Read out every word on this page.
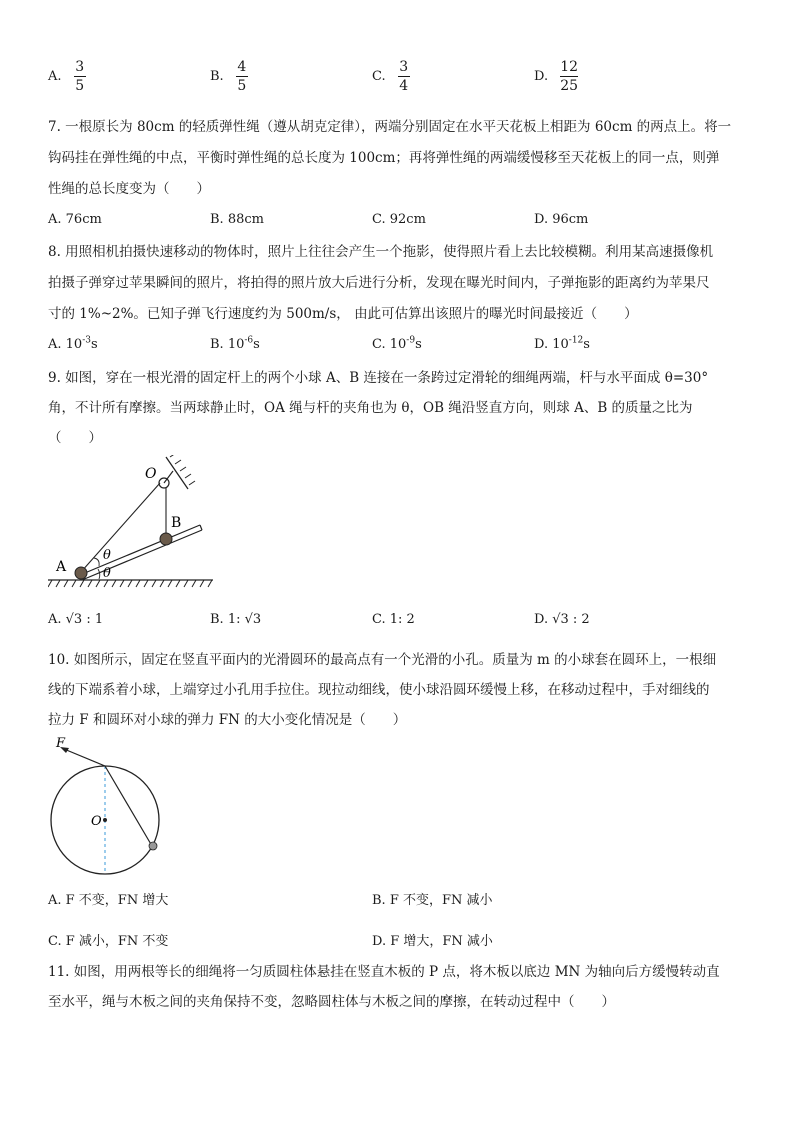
A. $\frac{3}{5}$	B. $\frac{4}{5}$	C. $\frac{3}{4}$	D. $\frac{12}{25}$
7. 一根原长为 80cm 的轻质弹性绳（遵从胡克定律），两端分别固定在水平天花板上相距为 60cm 的两点上。将一
钩码挂在弹性绳的中点，平衡时弹性绳的总长度为 100cm；再将弹性绳的两端缓慢移至天花板上的同一点，则弹
性绳的总长度变为（　　）
A. 76cm	B. 88cm	C. 92cm	D. 96cm
8. 用照相机拍摄快速移动的物体时，照片上往往会产生一个拖影，使得照片看上去比较模糊。利用某高速摄像机
拍摄子弹穿过苹果瞬间的照片，将拍得的照片放大后进行分析，发现在曝光时间内，子弹拖影的距离约为苹果尺
寸的 1%~2%。已知子弹飞行速度约为 500m/s， 由此可估算出该照片的曝光时间最接近（　　）
A. $10^{-3}s$	B. $10^{-6}s$	C. $10^{-9}s$	D. $10^{-12}s$
9. 如图，穿在一根光滑的固定杆上的两个小球 A、B 连接在一条跨过定滑轮的细绳两端，杆与水平面成 θ=30°
角，不计所有摩擦。当两球静止时，OA 绳与杆的夹角也为 θ，OB 绳沿竖直方向，则球 A、B 的质量之比为
（　　）
O
B
A
θ
θ
A. √3 : 1	B. 1: √3	C. 1: 2	D. √3 : 2
10. 如图所示，固定在竖直平面内的光滑圆环的最高点有一个光滑的小孔。质量为 m 的小球套在圆环上，一根细
线的下端系着小球，上端穿过小孔用手拉住。现拉动细线，使小球沿圆环缓慢上移，在移动过程中，手对细线的
拉力 F 和圆环对小球的弹力 FN 的大小变化情况是（　　）
F
O
A. F 不变，FN 增大	B. F 不变，FN 减小
C. F 减小，FN 不变	D. F 增大，FN 减小
11. 如图，用两根等长的细绳将一匀质圆柱体悬挂在竖直木板的 P 点，将木板以底边 MN 为轴向后方缓慢转动直
至水平，绳与木板之间的夹角保持不变，忽略圆柱体与木板之间的摩擦，在转动过程中（　　）
